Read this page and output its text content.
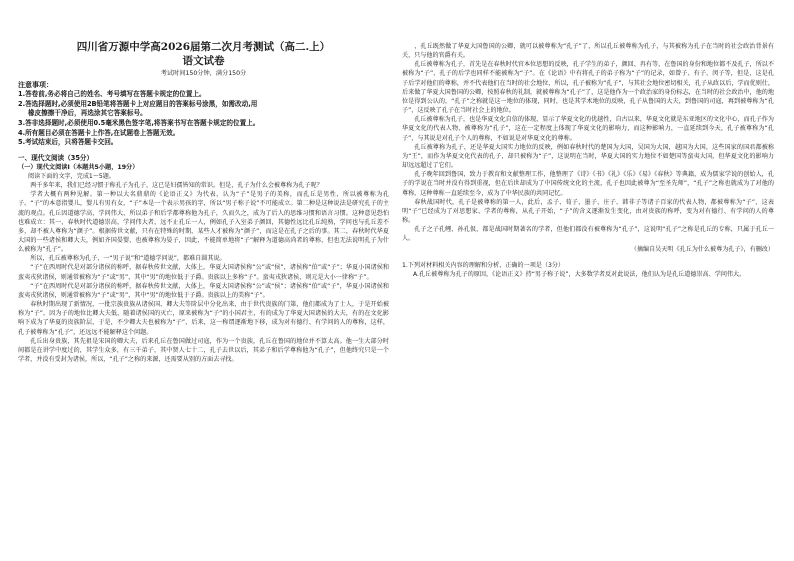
四川省万源中学高2026届第二次月考测试（高二.上）

语文试卷

考试时间150分钟，满分150分

注意事项：

1.答卷前,务必将自己的姓名、考号填写在答题卡规定的位置上。

2.答选择题时,必须使用2B铅笔将答题卡上对应题目的答案标号涂黑，如需改动,用

橡皮擦擦干净后，再选涂其它答案标号。

3.答非选择题时,必须使用0.5毫米黑色签字笔,将答案书写在答题卡规定的位置上。

4.所有题目必须在答题卡上作答,在试题卷上答题无效。

5.考试结束后，只将答题卡交回。

一、现代文阅读（35分）

（一）现代文阅读Ⅰ（本题共5小题，19分）

阅读下面的文字，完成1～5题。

两千多年来，我们已经习惯于称孔子为孔子，这已是妇孺皆知的常识。但是，孔子为什么会被尊称为孔子呢？

学者大概有两种见解。第一种以大名鼎鼎的《论语正义》为代表，认为“子”是男子的美称，而孔丘是男性，所以被尊称为孔子。“子”的本意指婴儿，婴儿有男有女，“子”本是一个表示男孩的字，所以“男子称子说”不可能成立。第二种是这种说法是研究孔子的主流的观点。孔丘因道德学高，学问伟大，所以弟子和后学都尊称他为孔子，久而久之，成为了后人的思维习惯和语言习惯。这种意见恐怕也难成立：其一，春秋时代道德崇高，学问伟大者，远不止孔丘一人，例如孔子入室弟子颜回，其德性远比孔丘纯熟，学问也与孔丘差不多，却不被人尊称为“颜子”。根据传世文献，只有在特殊的时期，某些人才被称为“颜子”，而这是在孔子之后的事。其二，春秋时代华夏大国的一些诸侯和卿大夫，例如齐国晏婴，也被尊称为晏子，因此，不能简单地将“子”解释为道德高尚者的尊称，但也无法说明孔子为什么被称为“孔子”。

所以，孔丘被尊称为孔子，一“男子说”和“道德学问说”，都难自圆其说。

“子”在西周时代是对部分诸侯的称呼，据春秋传世文献，大体上，华夏大国诸侯称“公”或“侯”，诸侯称“伯”或“子”；华夏小国诸侯和蛮夷戎狄诸侯，则通常被称为“子”或“男”，其中“男”的地位低于子爵。贵族以上多称“子”。蛮夷戎狄诸侯，则元是大小一律称“子”。

“子”在西周时代是对部分诸侯的称呼，据春秋传世文献，大体上，华夏大国诸侯称“公”或“侯”；诸侯称“伯”或“子”，华夏小国诸侯和蛮夷戎狄诸侯，则通常被称为“子”或“男”，其中“男”的地位低于子爵。贵族以上的美称“子”。

春秋时期出现了新情况，一批宗族贵族从诸侯国、卿大夫等阶层中分化出来，由于世代贵族的门第，他们都成为了士人，于是开始被称为“子”，因为子的地位比卿大夫低，随着诸侯国的灭亡，原来被称为“子”的小国君主，有的成为了华夏大国诸侯的大夫，有的在文化影响下成为了华夏的贵族阶层，于是，不少卿大夫也被称为“子”，后来，这一称谓逐渐地下移，成为对有德行、有学问的人的尊称，这样，孔子被尊称为“孔子”，还远远不能解释这个问题。

孔丘出身贵族，其先祖是宋国的卿大夫，后来孔丘在鲁国做过司寇，作为一个贵族，孔丘在鲁国的地位并不算太高。他一生大部分时间都是在讲学中度过的，其学生众多，有三千弟子，其中贤人七十二，孔子去世以后，其弟子和后学尊称他为“孔子”，但他终究只是一个学者，并没有受封为诸侯，所以，“孔子”之称的来源，还需要从别的方面去寻找。

，孔丘既然做了华夏大国鲁国的公卿，就可以被尊称为“孔子”了，所以孔丘被尊称为孔子，与其被称为孔子在当时的社会政治背景有关，只与他的官爵有关。

孔丘被尊称为孔子，首先是在春秋时代官本位思想的反映，孔子学生的弟子，颜回、冉有等，在鲁国的身份和地位都不及孔子，所以不被称为“子”，孔子的后学也同样不能被称为“子”。在《论语》中有将孔子的弟子称为“子”的记录，如曾子、有子、闵子等，但是，这是孔子后学对他们的尊称，并不代表他们在当时的社会地位，所以，孔子被称为“孔子”，与其社会地位密切相关，孔子从政以后，学而优则仕，后来做了华夏大国鲁国的公卿，按照春秋的礼制，就被尊称为“孔子”了，这是他作为一个政治家的身份标志，在当时的社会政治中，他的地位是得到公认的，“孔子”之称就是这一地位的体现，同时，也是其学术地位的反映，孔子从鲁国的大夫，到鲁国的司寇，再到被尊称为“孔子”，这反映了孔子在当时社会上的地位。

孔丘被尊称为孔子，也是华夏文化自信的体现，显示了华夏文化的优越性，自古以来，华夏文化就是东亚地区的文化中心，而孔子作为华夏文化的代表人物，被尊称为“孔子”，这在一定程度上体现了华夏文化的影响力，而这种影响力，一直延续到今天，孔子被尊称为“孔子”，与其说是对孔子个人的尊称，不如说是对华夏文化的尊称。

孔丘被尊称为孔子，还是华夏大国实力地位的反映，例如春秋时代的楚国为大国，吴国为大国，越国为大国，这些国家的国君都被称为“王”，而作为华夏文化代表的孔子，却只被称为“子”，这说明在当时，华夏大国的实力地位不如楚国等蛮夷大国，但华夏文化的影响力却远远超过了它们。

孔子晚年回到鲁国，致力于教育和文献整理工作，他整理了《诗》《书》《礼》《乐》《易》《春秋》等典籍，成为儒家学说的创始人，孔子的学说在当时并没有得到重视，但在后世却成为了中国传统文化的主流，孔子也因此被尊为“至圣先师”，“孔子”之称也就成为了对他的尊称，这种尊称一直延续至今，成为了中华民族的共同记忆。

春秋战国时代，孔子是被尊称的第一人，此后，孟子、荀子、墨子、庄子、韩非子等诸子百家的代表人物，都被尊称为“子”，这表明“子”已经成为了对思想家、学者的尊称，从孔子开始，“子”的含义逐渐发生变化，由对贵族的称呼，变为对有德行、有学问的人的尊称。

孔子之子孔鲤、孙孔伋，都是战国时期著名的学者，但他们都没有被尊称为“孔子”，这说明“孔子”之称是孔丘的专称，只属于孔丘一人。

（摘编自吴天明《孔丘为什么被尊为孔子》，有删改）

1.下列对材料相关内容的理解和分析，正确的一项是（3分）

A.孔丘被尊称为孔子的原因，《论语正义》持“男子称子说”，大多数学者反对此说法，他们认为是孔丘道德崇高、学问伟大。
